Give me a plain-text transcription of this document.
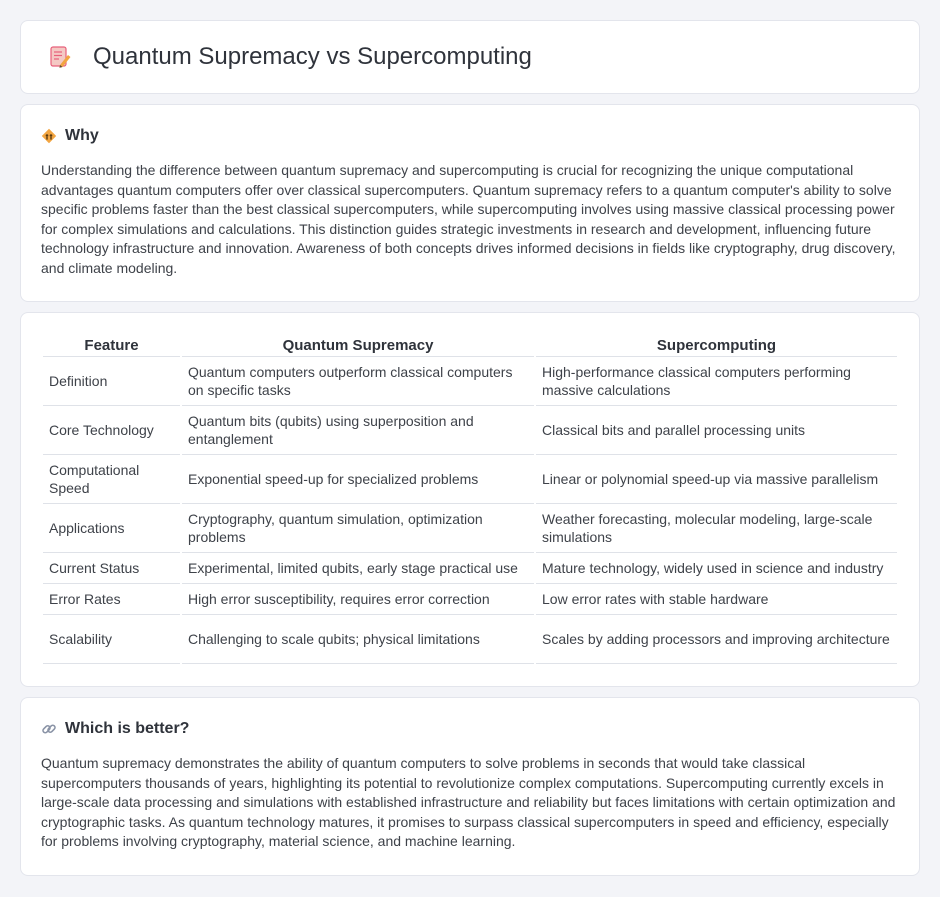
Quantum Supremacy vs Supercomputing
Why

Understanding the difference between quantum supremacy and supercomputing is crucial for recognizing the unique computational advantages quantum computers offer over classical supercomputers. Quantum supremacy refers to a quantum computer's ability to solve specific problems faster than the best classical supercomputers, while supercomputing involves using massive classical processing power for complex simulations and calculations. This distinction guides strategic investments in research and development, influencing future technology infrastructure and innovation. Awareness of both concepts drives informed decisions in fields like cryptography, drug discovery, and climate modeling.

Feature	Quantum Supremacy	Supercomputing
Definition	Quantum computers outperform classical computers on specific tasks	High-performance classical computers performing massive calculations
Core Technology	Quantum bits (qubits) using superposition and entanglement	Classical bits and parallel processing units
Computational Speed	Exponential speed-up for specialized problems	Linear or polynomial speed-up via massive parallelism
Applications	Cryptography, quantum simulation, optimization problems	Weather forecasting, molecular modeling, large-scale simulations
Current Status	Experimental, limited qubits, early stage practical use	Mature technology, widely used in science and industry
Error Rates	High error susceptibility, requires error correction	Low error rates with stable hardware
Scalability	Challenging to scale qubits; physical limitations	Scales by adding processors and improving architecture
Which is better?

Quantum supremacy demonstrates the ability of quantum computers to solve problems in seconds that would take classical supercomputers thousands of years, highlighting its potential to revolutionize complex computations. Supercomputing currently excels in large-scale data processing and simulations with established infrastructure and reliability but faces limitations with certain optimization and cryptographic tasks. As quantum technology matures, it promises to surpass classical supercomputers in speed and efficiency, especially for problems involving cryptography, material science, and machine learning.
